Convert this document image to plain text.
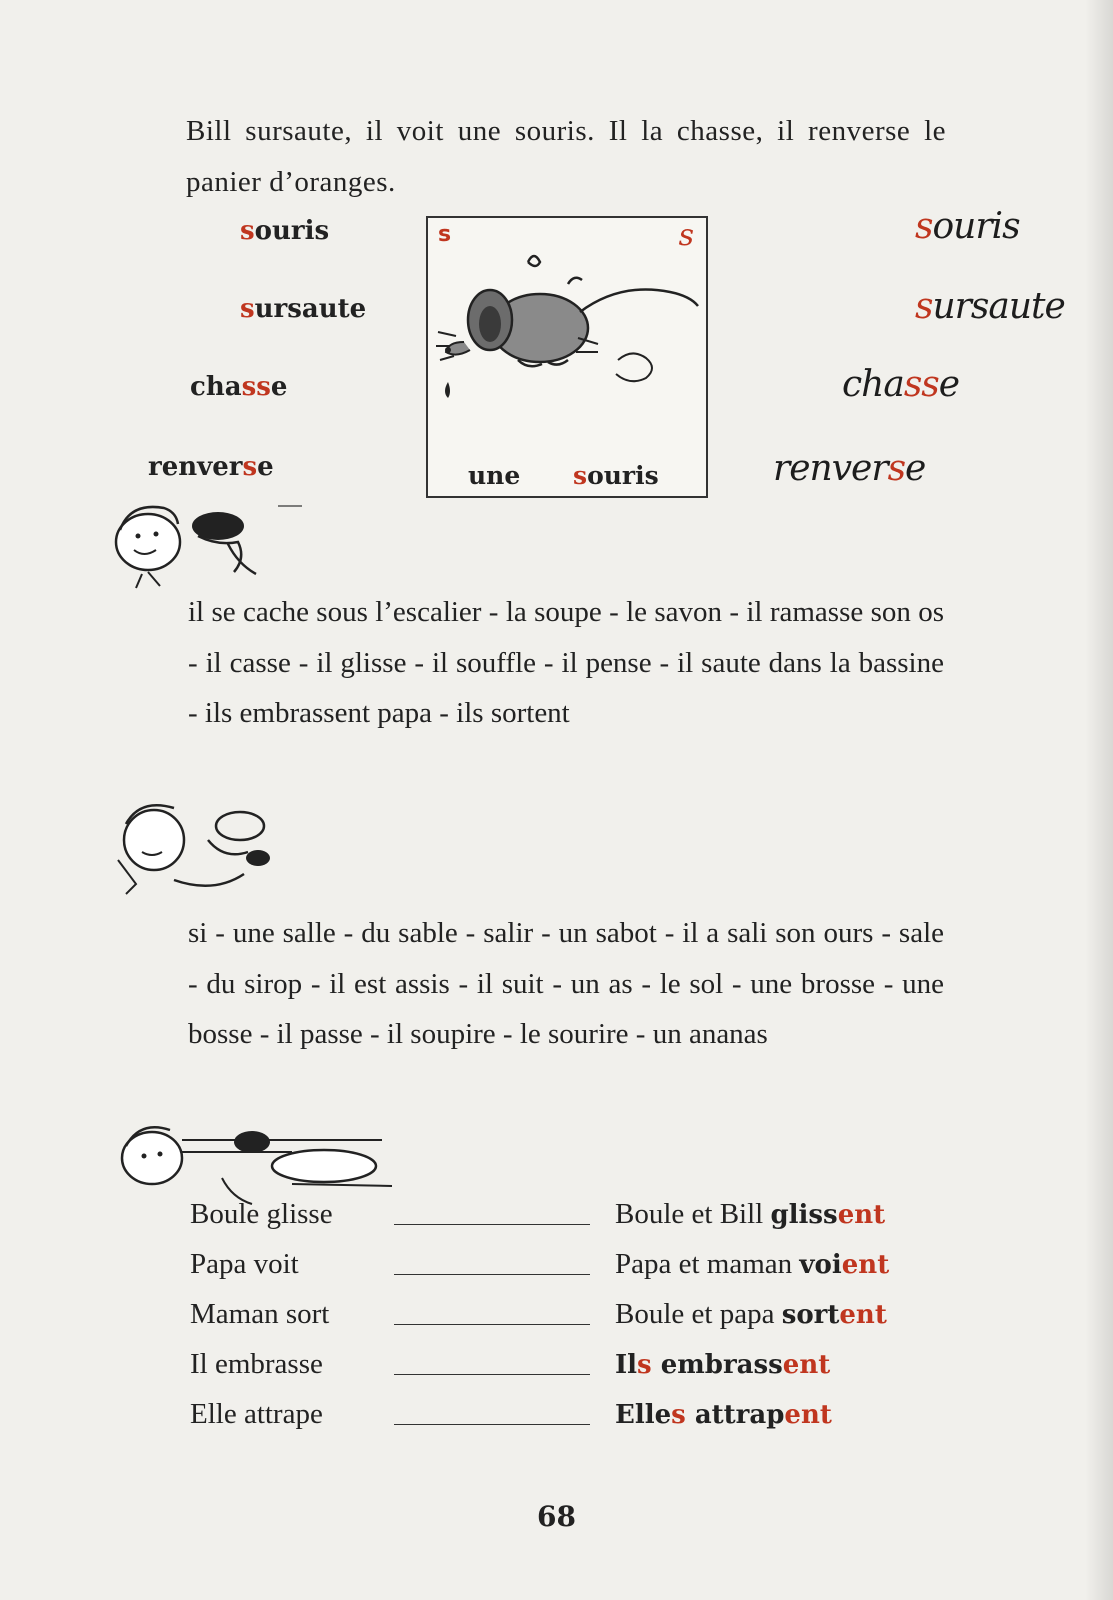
Bill sursaute, il voit une souris. Il la chasse, il renverse le panier d’oranges.
souris
sursaute
chasse
renverse
s	s
une souris
souris
sursaute
chasse
renverse
il se cache sous l’escalier - la soupe - le savon - il ramasse son os - il casse - il glisse - il souffle - il pense - il saute dans la bassine - ils embrassent papa - ils sortent
si - une salle - du sable - salir - un sabot - il a sali son ours - sale - du sirop - il est assis - il suit - un as - le sol - une brosse - une bosse - il passe - il soupire - le sourire - un ananas
Boule glisse	Boule et Bill glissent
Papa voit	Papa et maman voient
Maman sort	Boule et papa sortent
Il embrasse	Ils embrassent
Elle attrape	Elles attrapent
68
